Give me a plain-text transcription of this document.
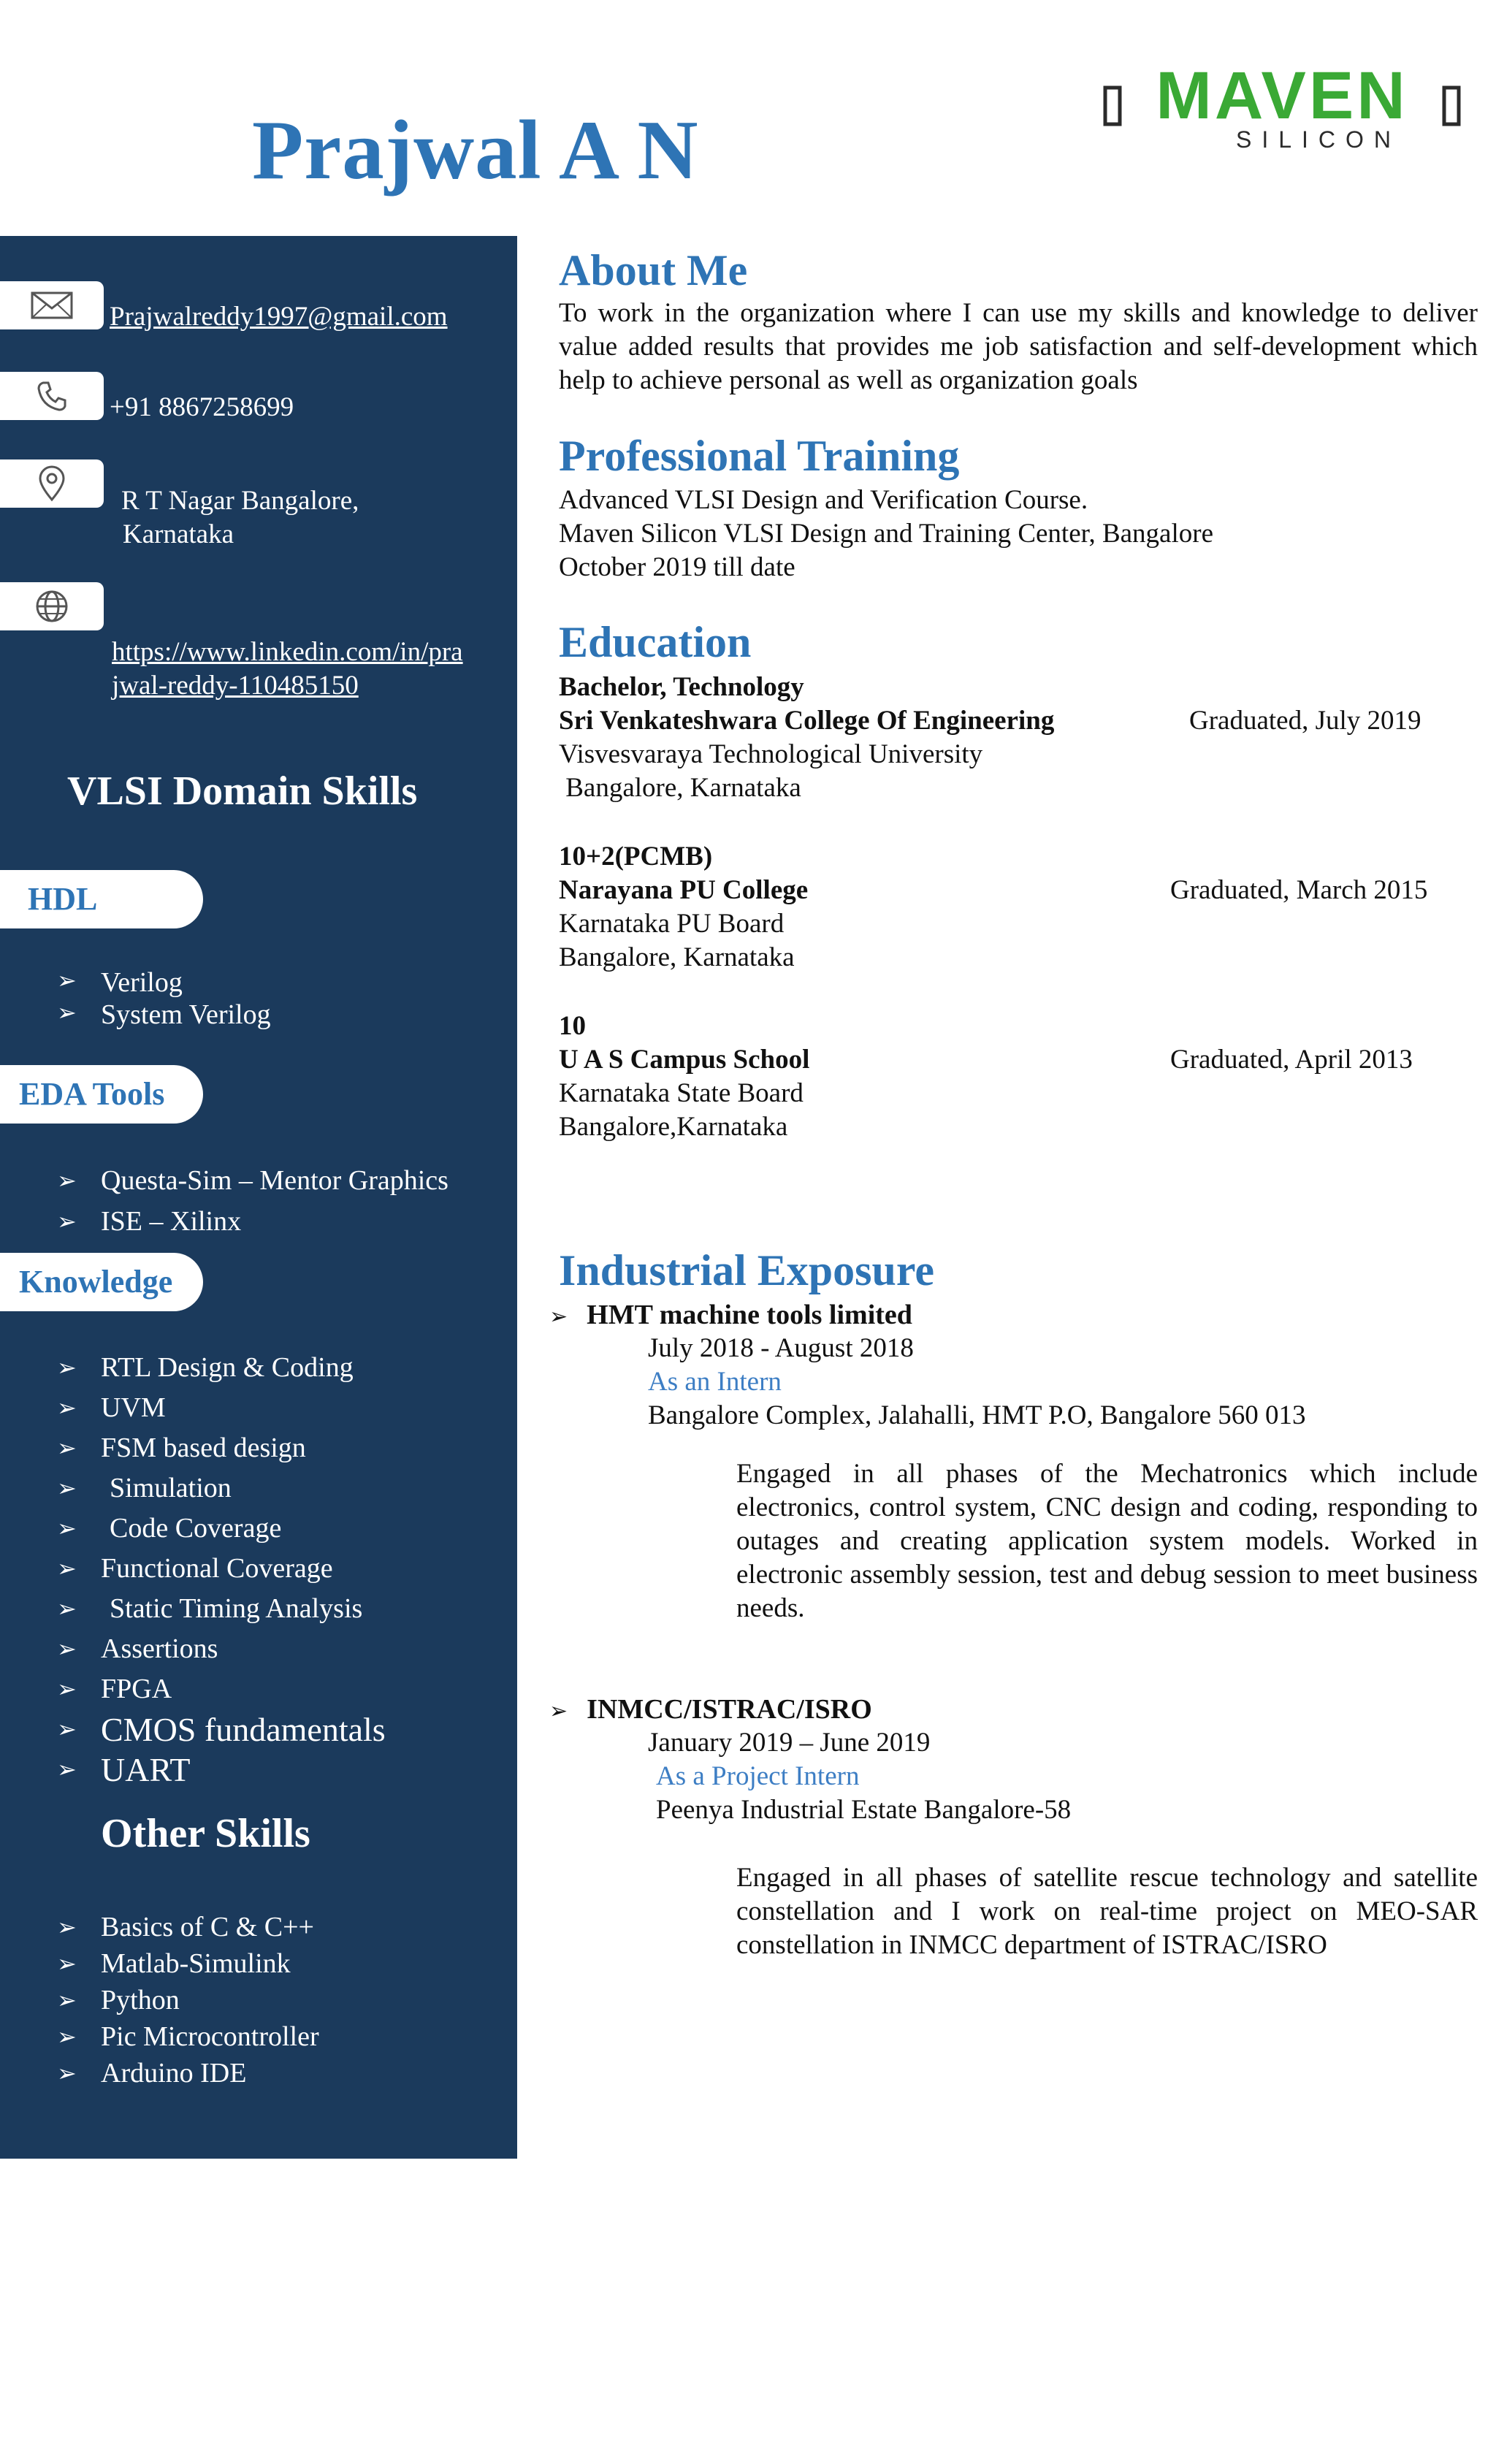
Prajwal A N
MAVEN
SILICON
Prajwalreddy1997@gmail.com
+91 8867258699
R T Nagar Bangalore,
Karnataka
https://www.linkedin.com/in/pra
jwal-reddy-110485150
VLSI Domain Skills
HDL
➢ Verilog
➢ System Verilog
EDA Tools
➢ Questa-Sim – Mentor Graphics
➢ ISE – Xilinx
Knowledge
➢ RTL Design & Coding
➢ UVM
➢ FSM based design
➢ Simulation
➢ Code Coverage
➢ Functional Coverage
➢ Static Timing Analysis
➢ Assertions
➢ FPGA
➢ CMOS fundamentals
➢ UART
Other Skills
➢ Basics of C & C++
➢ Matlab-Simulink
➢ Python
➢ Pic Microcontroller
➢ Arduino IDE
About Me

To work in the organization where I can use my skills and knowledge to deliver value added results that provides me job satisfaction and self-development which help to achieve personal as well as organization goals

Professional Training
Advanced VLSI Design and Verification Course.
Maven Silicon VLSI Design and Training Center, Bangalore
October 2019 till date
Education
Bachelor, Technology
Sri Venkateshwara College Of Engineering	Graduated, July 2019
Visvesvaraya Technological University
Bangalore, Karnataka
10+2(PCMB)
Narayana PU College	Graduated, March 2015
Karnataka PU Board
Bangalore, Karnataka
10
U A S Campus School	Graduated, April 2013
Karnataka State Board
Bangalore,Karnataka
Industrial Exposure
➢ HMT machine tools limited
July 2018 - August 2018
As an Intern
Bangalore Complex, Jalahalli, HMT P.O, Bangalore 560 013

Engaged in all phases of the Mechatronics which include electronics, control system, CNC design and coding, responding to outages and creating application system models. Worked in electronic assembly session, test and debug session to meet business needs.

➢ INMCC/ISTRAC/ISRO
January 2019 – June 2019
As a Project Intern
Peenya Industrial Estate Bangalore-58

Engaged in all phases of satellite rescue technology and satellite constellation and I work on real-time project on MEO-SAR constellation in INMCC department of ISTRAC/ISRO
